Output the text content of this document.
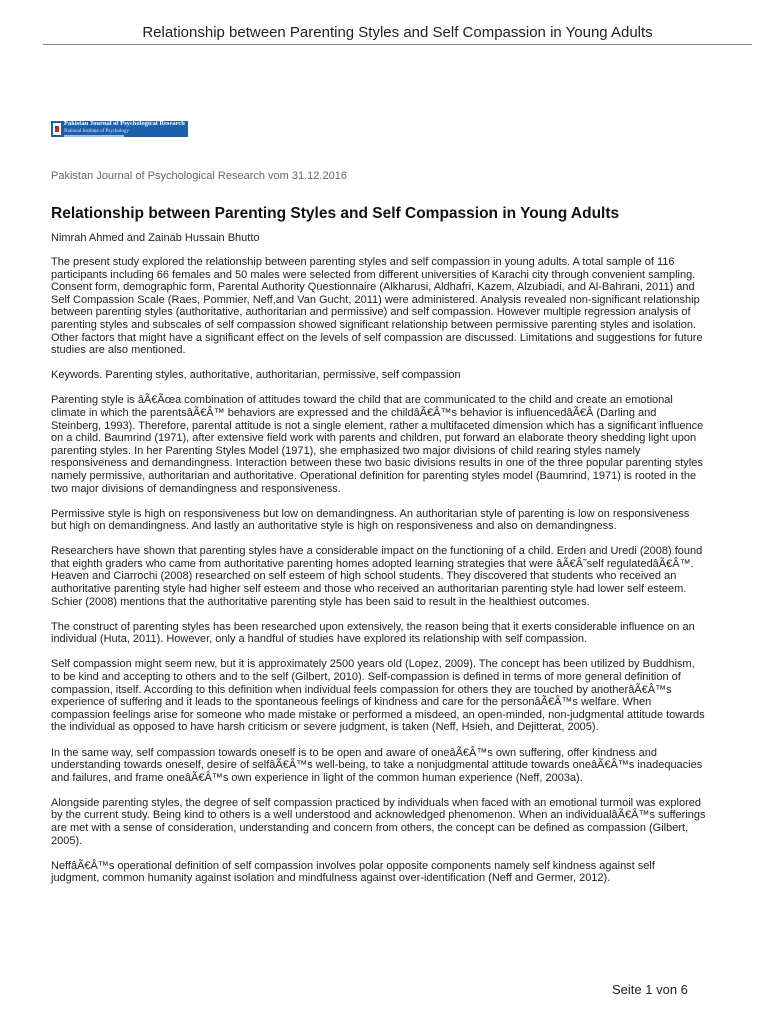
Relationship between Parenting Styles and Self Compassion in Young Adults
Pakistan Journal of Psychological Research
National Institute of Psychology
Pakistan Journal of Psychological Research vom 31.12.2016
Relationship between Parenting Styles and Self Compassion in Young Adults
Nimrah Ahmed and Zainab Hussain Bhutto

The present study explored the relationship between parenting styles and self compassion in young adults. A total sample of 116 participants including 66 females and 50 males were selected from different universities of Karachi city through convenient sampling. Consent form, demographic form, Parental Authority Questionnaire (Alkharusi, Aldhafri, Kazem, Alzubiadi, and Al-Bahrani, 2011) and Self Compassion Scale (Raes, Pommier, Neff,and Van Gucht, 2011) were administered. Analysis revealed non-significant relationship between parenting styles (authoritative, authoritarian and permissive) and self compassion. However multiple regression analysis of parenting styles and subscales of self compassion showed significant relationship between permissive parenting styles and isolation. Other factors that might have a significant effect on the levels of self compassion are discussed. Limitations and suggestions for future studies are also mentioned.

Keywords. Parenting styles, authoritative, authoritarian, permissive, self compassion

Parenting style is âÃ€Ãœa combination of attitudes toward the child that are communicated to the child and create an emotional climate in which the parentsâÃ€Â™ behaviors are expressed and the childâÃ€Â™s behavior is influencedâÃ€Â (Darling and Steinberg, 1993). Therefore, parental attitude is not a single element, rather a multifaceted dimension which has a significant influence on a child. Baumrind (1971), after extensive field work with parents and children, put forward an elaborate theory shedding light upon parenting styles. In her Parenting Styles Model (1971), she emphasized two major divisions of child rearing styles namely responsiveness and demandingness. Interaction between these two basic divisions results in one of the three popular parenting styles namely permissive, authoritarian and authoritative. Operational definition for parenting styles model (Baumrind, 1971) is rooted in the two major divisions of demandingness and responsiveness.

Permissive style is high on responsiveness but low on demandingness. An authoritarian style of parenting is low on responsiveness but high on demandingness. And lastly an authoritative style is high on responsiveness and also on demandingness.

Researchers have shown that parenting styles have a considerable impact on the functioning of a child. Erden and Uredi (2008) found that eighth graders who came from authoritative parenting homes adopted learning strategies that were âÃ€Â˜self regulatedâÃ€Â™. Heaven and Ciarrochi (2008) researched on self esteem of high school students. They discovered that students who received an authoritative parenting style had higher self esteem and those who received an authoritarian parenting style had lower self esteem. Schier (2008) mentions that the authoritative parenting style has been said to result in the healthiest outcomes.

The construct of parenting styles has been researched upon extensively, the reason being that it exerts considerable influence on an individual (Huta, 2011). However, only a handful of studies have explored its relationship with self compassion.

Self compassion might seem new, but it is approximately 2500 years old (Lopez, 2009). The concept has been utilized by Buddhism, to be kind and accepting to others and to the self (Gilbert, 2010). Self-compassion is defined in terms of more general definition of compassion, itself. According to this definition when individual feels compassion for others they are touched by anotherâÃ€Â™s experience of suffering and it leads to the spontaneous feelings of kindness and care for the personâÃ€Â™s welfare. When compassion feelings arise for someone who made mistake or performed a misdeed, an open-minded, non-judgmental attitude towards the individual as opposed to have harsh criticism or severe judgment, is taken (Neff, Hsieh, and Dejitterat, 2005).

In the same way, self compassion towards oneself is to be open and aware of oneâÃ€Â™s own suffering, offer kindness and understanding towards oneself, desire of selfâÃ€Â™s well-being, to take a nonjudgmental attitude towards oneâÃ€Â™s inadequacies and failures, and frame oneâÃ€Â™s own experience in light of the common human experience (Neff, 2003a).

Alongside parenting styles, the degree of self compassion practiced by individuals when faced with an emotional turmoil was explored by the current study. Being kind to others is a well understood and acknowledged phenomenon. When an individualâÃ€Â™s sufferings are met with a sense of consideration, understanding and concern from others, the concept can be defined as compassion (Gilbert, 2005).

NeffâÃ€Â™s operational definition of self compassion involves polar opposite components namely self kindness against self judgment, common humanity against isolation and mindfulness against over-identification (Neff and Germer, 2012).

Seite 1 von 6
